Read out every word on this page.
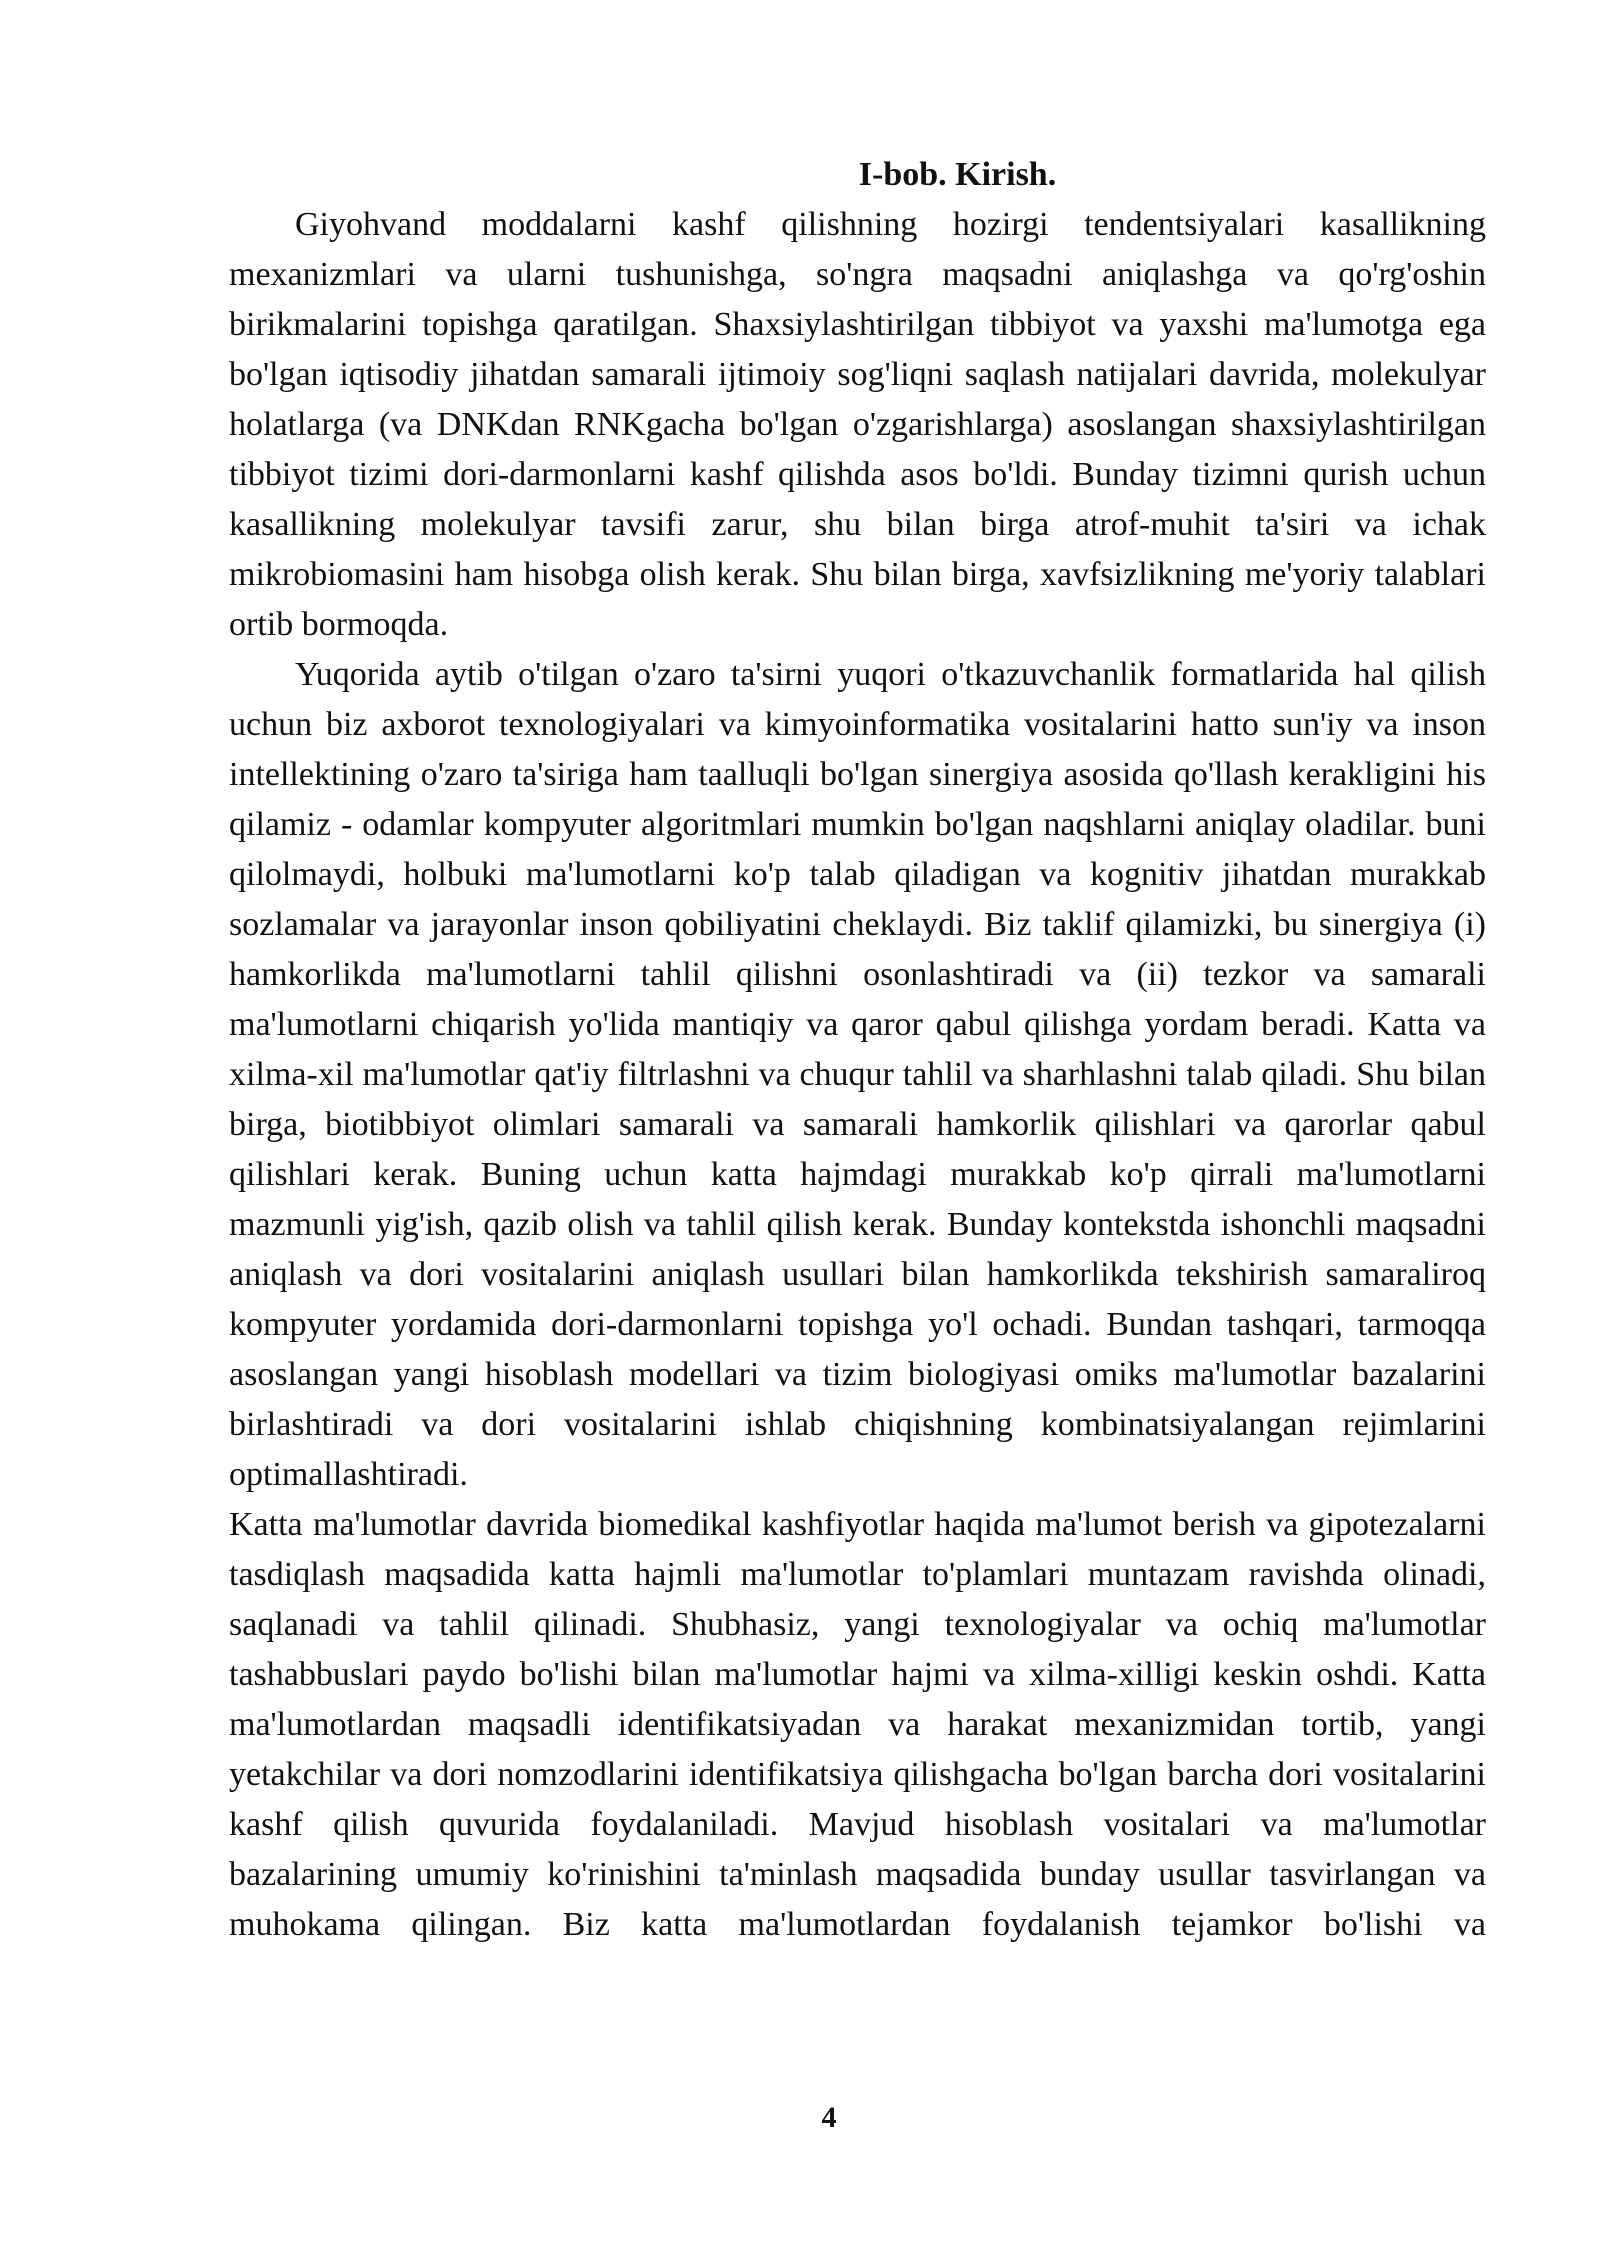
I-bob. Kirish.

Giyohvand moddalarni kashf qilishning hozirgi tendentsiyalari kasallikning mexanizmlari va ularni tushunishga, so'ngra maqsadni aniqlashga va qo'rg'oshin birikmalarini topishga qaratilgan. Shaxsiylashtirilgan tibbiyot va yaxshi ma'lumotga ega bo'lgan iqtisodiy jihatdan samarali ijtimoiy sog'liqni saqlash natijalari davrida, molekulyar holatlarga (va DNKdan RNKgacha bo'lgan o'zgarishlarga) asoslangan shaxsiylashtirilgan tibbiyot tizimi dori-darmonlarni kashf qilishda asos bo'ldi. Bunday tizimni qurish uchun kasallikning molekulyar tavsifi zarur, shu bilan birga atrof-muhit ta'siri va ichak mikrobiomasini ham hisobga olish kerak. Shu bilan birga, xavfsizlikning me'yoriy talablari ortib bormoqda.

Yuqorida aytib o'tilgan o'zaro ta'sirni yuqori o'tkazuvchanlik formatlarida hal qilish uchun biz axborot texnologiyalari va kimyoinformatika vositalarini hatto sun'iy va inson intellektining o'zaro ta'siriga ham taalluqli bo'lgan sinergiya asosida qo'llash kerakligini his qilamiz - odamlar kompyuter algoritmlari mumkin bo'lgan naqshlarni aniqlay oladilar. buni qilolmaydi, holbuki ma'lumotlarni ko'p talab qiladigan va kognitiv jihatdan murakkab sozlamalar va jarayonlar inson qobiliyatini cheklaydi. Biz taklif qilamizki, bu sinergiya (i) hamkorlikda ma'lumotlarni tahlil qilishni osonlashtiradi va (ii) tezkor va samarali ma'lumotlarni chiqarish yo'lida mantiqiy va qaror qabul qilishga yordam beradi. Katta va xilma-xil ma'lumotlar qat'iy filtrlashni va chuqur tahlil va sharhlashni talab qiladi. Shu bilan birga, biotibbiyot olimlari samarali va samarali hamkorlik qilishlari va qarorlar qabul qilishlari kerak. Buning uchun katta hajmdagi murakkab ko'p qirrali ma'lumotlarni mazmunli yig'ish, qazib olish va tahlil qilish kerak. Bunday kontekstda ishonchli maqsadni aniqlash va dori vositalarini aniqlash usullari bilan hamkorlikda tekshirish samaraliroq kompyuter yordamida dori-darmonlarni topishga yo'l ochadi. Bundan tashqari, tarmoqqa asoslangan yangi hisoblash modellari va tizim biologiyasi omiks ma'lumotlar bazalarini birlashtiradi va dori vositalarini ishlab chiqishning kombinatsiyalangan rejimlarini optimallashtiradi.

Katta ma'lumotlar davrida biomedikal kashfiyotlar haqida ma'lumot berish va gipotezalarni tasdiqlash maqsadida katta hajmli ma'lumotlar to'plamlari muntazam ravishda olinadi, saqlanadi va tahlil qilinadi. Shubhasiz, yangi texnologiyalar va ochiq ma'lumotlar tashabbuslari paydo bo'lishi bilan ma'lumotlar hajmi va xilma-xilligi keskin oshdi. Katta ma'lumotlardan maqsadli identifikatsiyadan va harakat mexanizmidan tortib, yangi yetakchilar va dori nomzodlarini identifikatsiya qilishgacha bo'lgan barcha dori vositalarini kashf qilish quvurida foydalaniladi. Mavjud hisoblash vositalari va ma'lumotlar bazalarining umumiy ko'rinishini ta'minlash maqsadida bunday usullar tasvirlangan va muhokama qilingan. Biz katta ma'lumotlardan foydalanish tejamkor bo'lishi va

4
